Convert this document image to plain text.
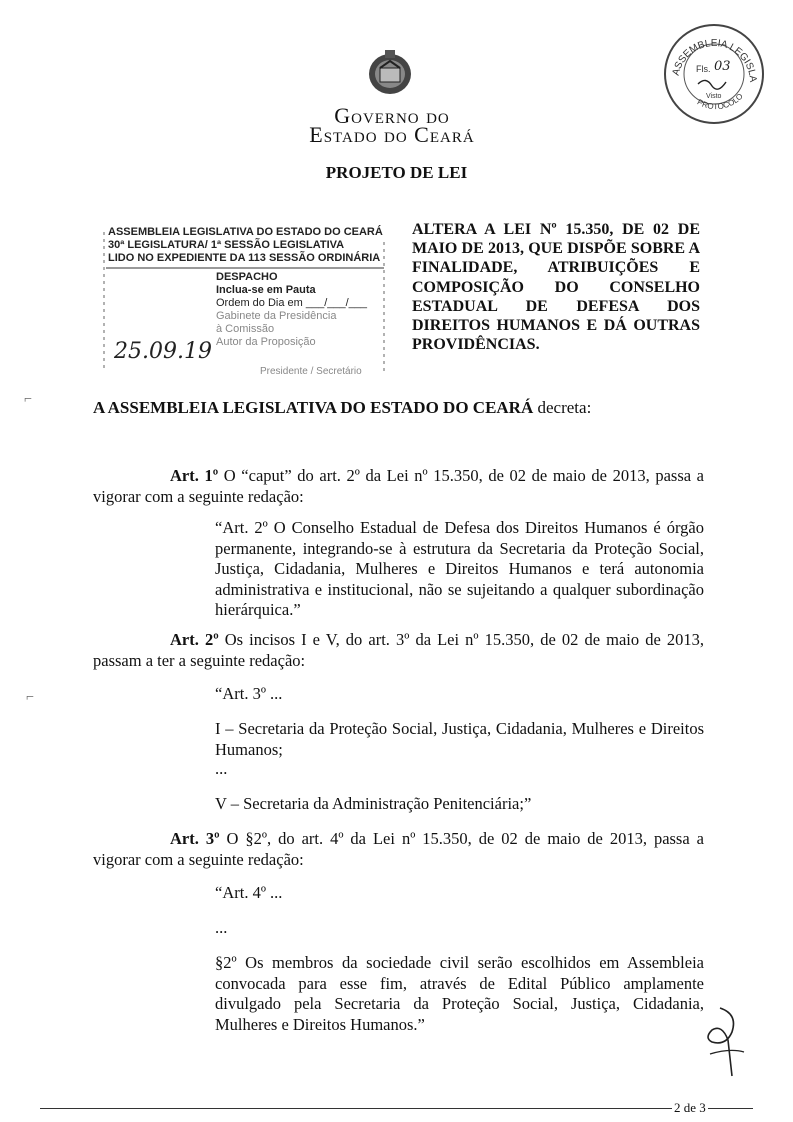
Governo do
Estado do Ceará
ASSEMBLEIA LEGISLA
PROTOCOLO
Fls. 03
Visto
PROJETO DE LEI
ASSEMBLEIA LEGISLATIVA DO ESTADO DO CEARÁ
30ª LEGISLATURA/ 1ª SESSÃO LEGISLATIVA
LIDO NO EXPEDIENTE DA 113 SESSÃO ORDINÁRIA
DESPACHO
Inclua-se em Pauta
Ordem do Dia em ___/___/___
Gabinete da Presidência
à Comissão
Autor da Proposição
25.09.19
Presidente / Secretário
ALTERA A LEI Nº 15.350, DE 02 DE MAIO DE 2013, QUE DISPÕE SOBRE A FINALIDADE, ATRIBUIÇÕES E COMPOSIÇÃO DO CONSELHO ESTADUAL DE DEFESA DOS DIREITOS HUMANOS E DÁ OUTRAS PROVIDÊNCIAS.
A ASSEMBLEIA LEGISLATIVA DO ESTADO DO CEARÁ decreta:
Art. 1º O “caput” do art. 2º da Lei nº 15.350, de 02 de maio de 2013, passa a vigorar com a seguinte redação:
“Art. 2º O Conselho Estadual de Defesa dos Direitos Humanos é órgão permanente, integrando-se à estrutura da Secretaria da Proteção Social, Justiça, Cidadania, Mulheres e Direitos Humanos e terá autonomia administrativa e institucional, não se sujeitando a qualquer subordinação hierárquica.”
Art. 2º Os incisos I e V, do art. 3º da Lei nº 15.350, de 02 de maio de 2013, passam a ter a seguinte redação:
“Art. 3º ...
I – Secretaria da Proteção Social, Justiça, Cidadania, Mulheres e Direitos Humanos;
...
V – Secretaria da Administração Penitenciária;”
Art. 3º O §2º, do art. 4º da Lei nº 15.350, de 02 de maio de 2013, passa a vigorar com a seguinte redação:
“Art. 4º ...
...
§2º Os membros da sociedade civil serão escolhidos em Assembleia convocada para esse fim, através de Edital Público amplamente divulgado pela Secretaria da Proteção Social, Justiça, Cidadania, Mulheres e Direitos Humanos.”
⌐
⌐
2 de 3
